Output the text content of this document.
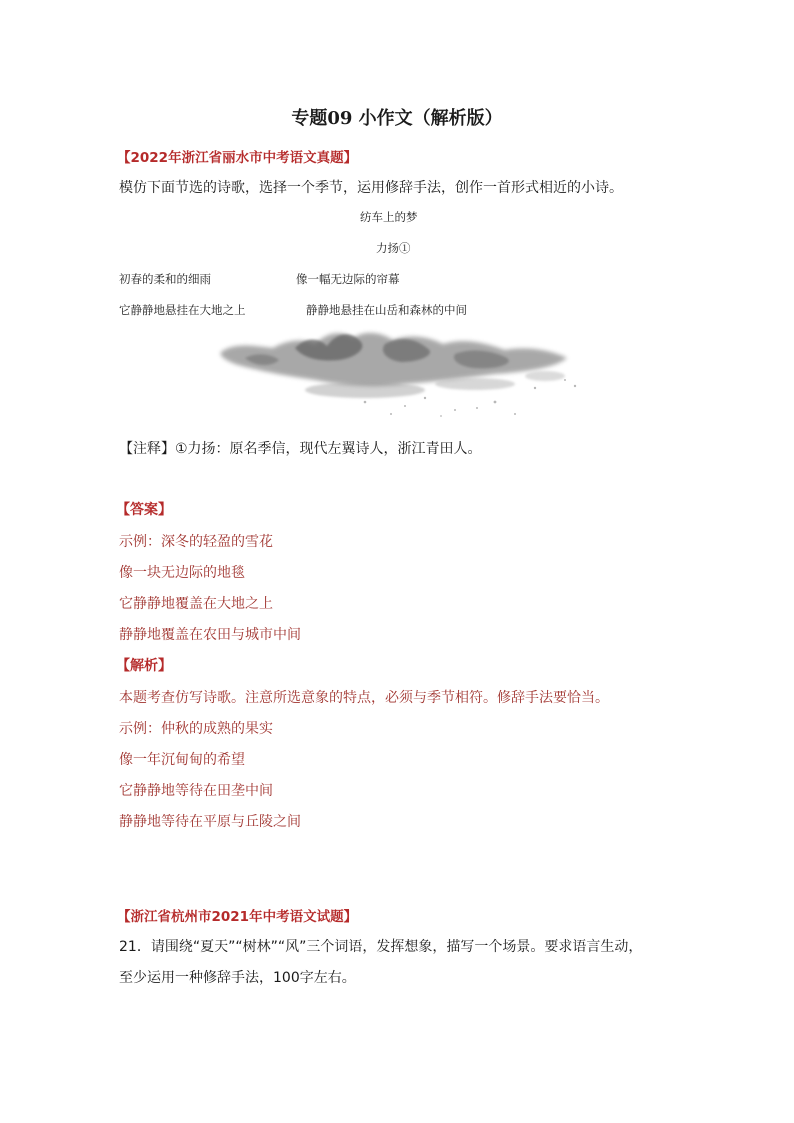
专题09 小作文（解析版）
【2022年浙江省丽水市中考语文真题】
模仿下面节选的诗歌，选择一个季节，运用修辞手法，创作一首形式相近的小诗。
纺车上的梦
力扬①
初春的柔和的细雨	像一幅无边际的帘幕
它静静地悬挂在大地之上	静静地悬挂在山岳和森林的中间
【注释】①力扬：原名季信，现代左翼诗人，浙江青田人。
【答案】
示例：深冬的轻盈的雪花
像一块无边际的地毯
它静静地覆盖在大地之上
静静地覆盖在农田与城市中间
【解析】
本题考查仿写诗歌。注意所选意象的特点，必须与季节相符。修辞手法要恰当。
示例：仲秋的成熟的果实
像一年沉甸甸的希望
它静静地等待在田垄中间
静静地等待在平原与丘陵之间
【浙江省杭州市2021年中考语文试题】
21．请围绕“夏天”“树林”“风”三个词语，发挥想象，描写一个场景。要求语言生动，
至少运用一种修辞手法，100字左右。
